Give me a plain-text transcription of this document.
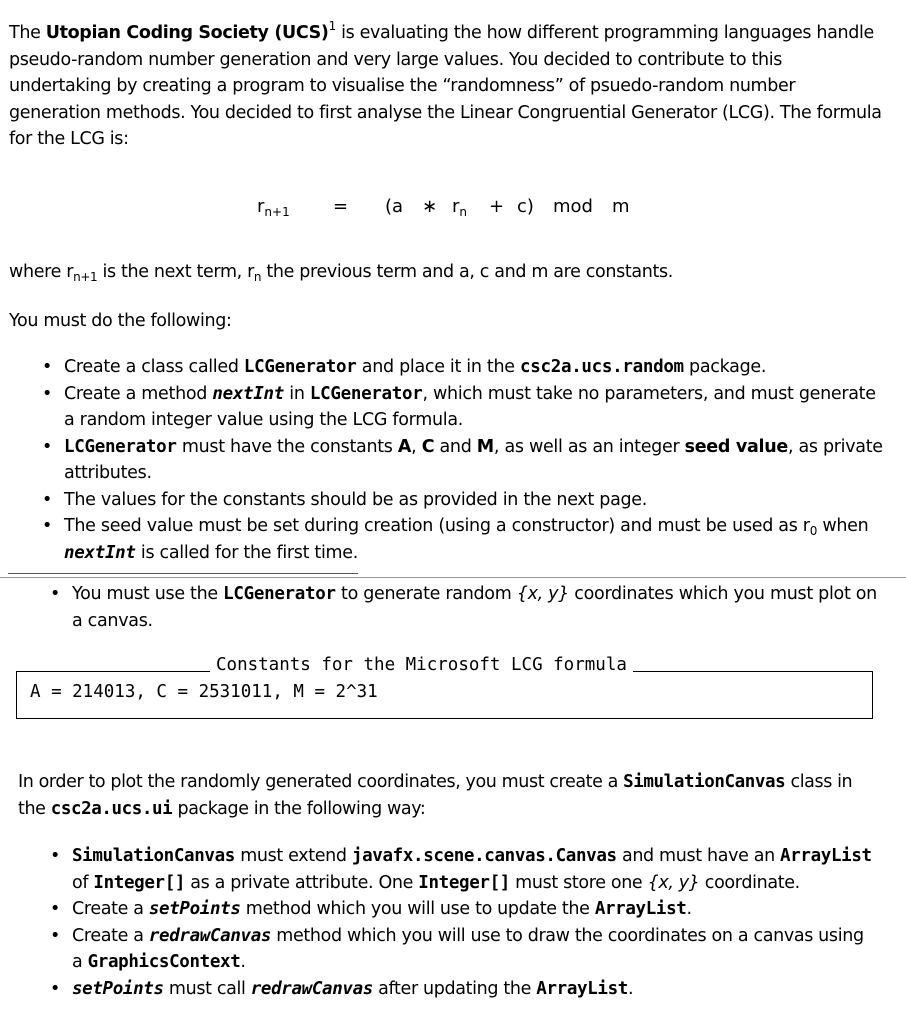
The Utopian Coding Society (UCS)$^1$ is evaluating the how different programming languages handle pseudo-random number generation and very large values. You decided to contribute to this undertaking by creating a program to visualise the “randomness” of psuedo-random number generation methods. You decided to first analyse the Linear Congruential Generator (LCG). The formula for the LCG is:
$r_{n+1} = (a$ ∗ $r_n + c$) mod m
where $r_{n+1}$ is the next term, $r_n$ the previous term and a, c and m are constants.
You must do the following:
• Create a class called LCGenerator and place it in the csc2a.ucs.random package.
• Create a method nextInt in LCGenerator, which must take no parameters, and must generate a random integer value using the LCG formula.
• LCGenerator must have the constants A, C and M, as well as an integer seed value, as private attributes.
• The values for the constants should be as provided in the next page.
• The seed value must be set during creation (using a constructor) and must be used as $r_0$ when nextInt is called for the first time.
• You must use the LCGenerator to generate random {x, y} coordinates which you must plot on a canvas.
Constants for the Microsoft LCG formula
A = 214013, C = 2531011, M = 2^31
In order to plot the randomly generated coordinates, you must create a SimulationCanvas class in the csc2a.ucs.ui package in the following way:
• SimulationCanvas must extend javafx.scene.canvas.Canvas and must have an ArrayList of Integer[] as a private attribute. One Integer[] must store one {x, y} coordinate.
• Create a setPoints method which you will use to update the ArrayList.
• Create a redrawCanvas method which you will use to draw the coordinates on a canvas using a GraphicsContext.
• setPoints must call redrawCanvas after updating the ArrayList.
